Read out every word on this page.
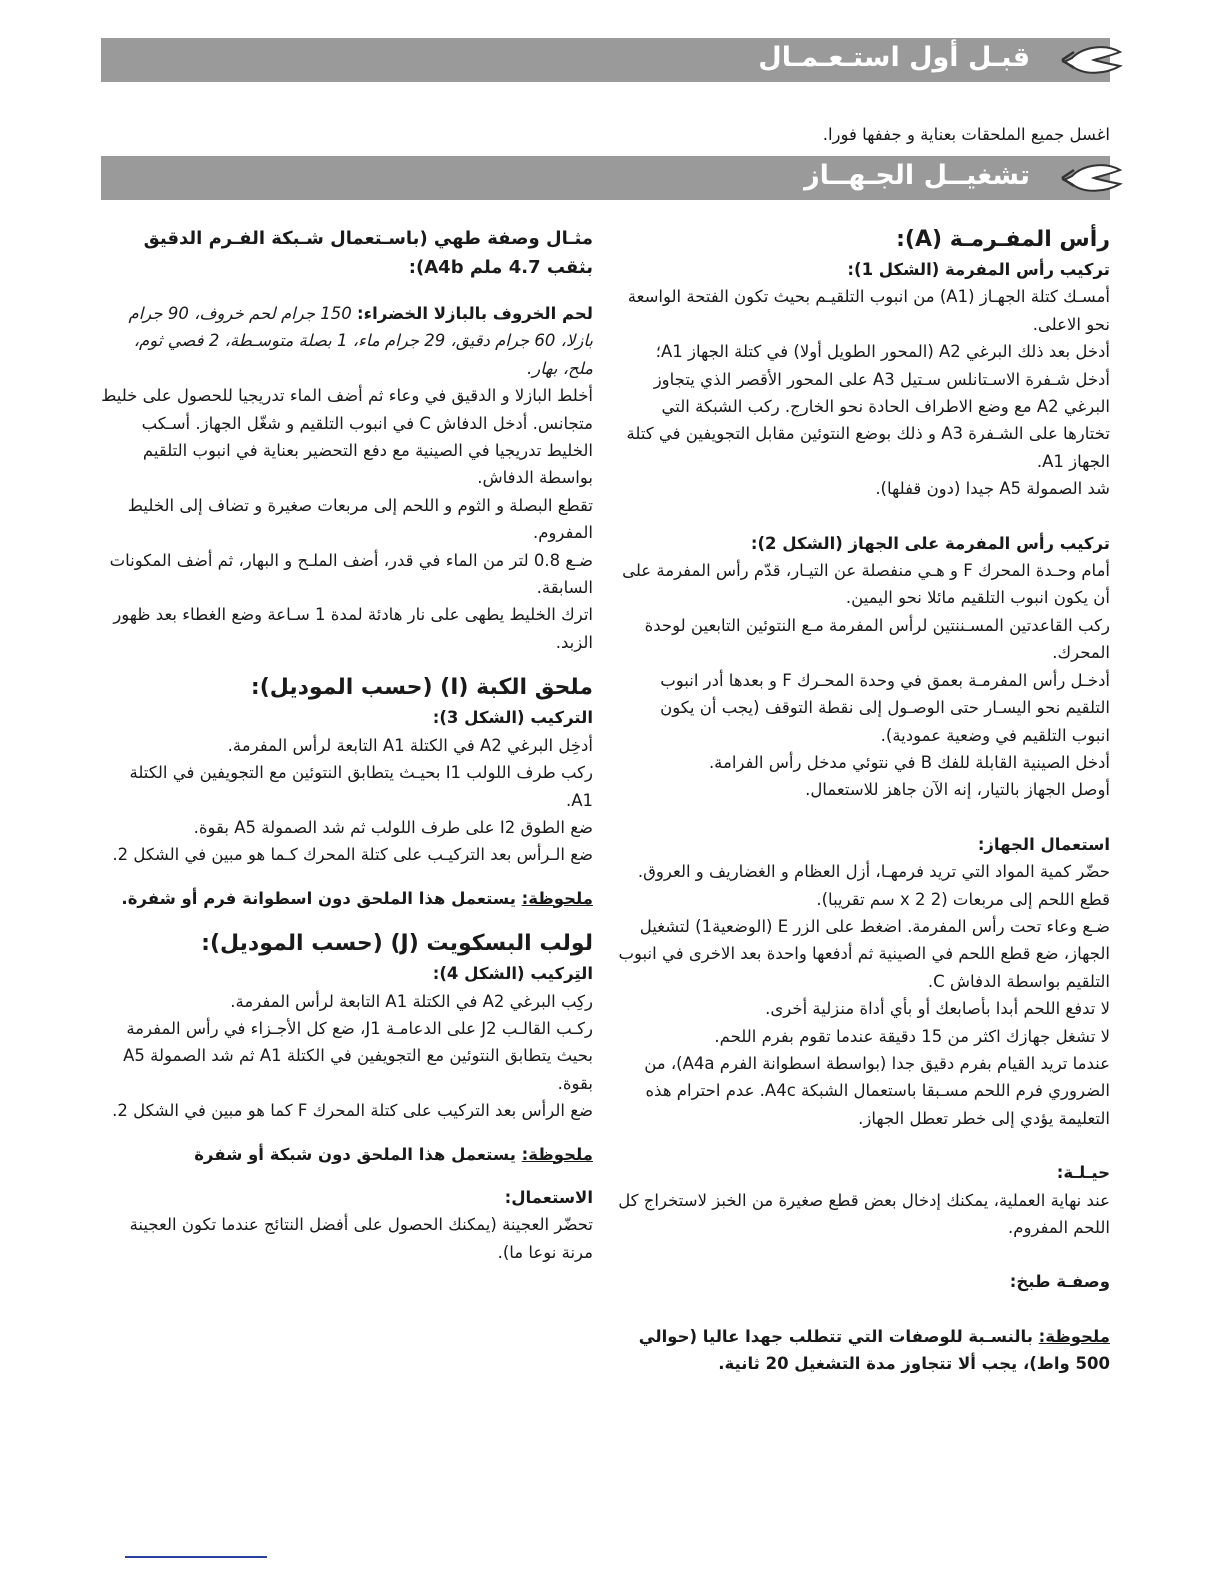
قبـل أول استـعـمـال

اغسل جميع الملحقات بعناية و جففها فورا.

تشغيــل الجـهــاز

رأس المفـرمـة (A):

تركيب رأس المفرمة (الشكل 1):

أمسـك كتلة الجهـاز (A1) من انبوب التلقيـم بحيث تكون الفتحة الواسعة نحو الاعلى.

أدخل بعد ذلك البرغي A2 (المحور الطويل أولا) في كتلة الجهاز A1؛

أدخل شـفرة الاسـتانلس سـتيل A3 على المحور الأقصر الذي يتجاوز البرغي A2 مع وضع الاطراف الحادة نحو الخارج. ركب الشبكة التي تختارها على الشـفرة A3 و ذلك بوضع النتوئين مقابل التجويفين في كتلة الجهاز A1.

شد الصمولة A5 جيدا (دون قفلها).

تركيب رأس المفرمة على الجهاز (الشكل 2):

أمام وحـدة المحرك F و هـي منفصلة عن التيـار، قدّم رأس المفرمة على أن يكون انبوب التلقيم مائلا نحو اليمين.

ركب القاعدتين المسـننتين لرأس المفرمة مـع النتوئين التابعين لوحدة المحرك.

أدخـل رأس المفرمـة بعمق في وحدة المحـرك F و بعدها أدر انبوب التلقيم نحو اليسـار حتى الوصـول إلى نقطة التوقف (يجب أن يكون انبوب التلقيم في وضعية عمودية).

أدخل الصينية القابلة للفك B في نتوئي مدخل رأس الفرامة.

أوصل الجهاز بالتيار، إنه الآن جاهز للاستعمال.

استعمال الجهاز:

حضّر كمية المواد التي تريد فرمهـا، أزل العظام و الغضاريف و العروق. قطع اللحم إلى مربعات (2 x 2 سم تقريبا).

ضـع وعاء تحت رأس المفرمة. اضغط على الزر E (الوضعية1) لتشغيل الجهاز، ضع قطع اللحم في الصينية ثم أدفعها واحدة بعد الاخرى في انبوب التلقيم بواسطة الدفاش C.

لا تدفع اللحم أبدا بأصابعك أو بأي أداة منزلية أخرى.

لا تشغل جهازك اكثر من 15 دقيقة عندما تقوم بفرم اللحم.

عندما تريد القيام بفرم دقيق جدا (بواسطة اسطوانة الفرم A4a)، من الضروري فرم اللحم مسـبقا باستعمال الشبكة A4c. عدم احترام هذه التعليمة يؤدي إلى خطر تعطل الجهاز.

حيـلـة:

عند نهاية العملية، يمكنك إدخال بعض قطع صغيرة من الخبز لاستخراج كل اللحم المفروم.

وصفـة طبخ:

ملحوظة: بالنسـبة للوصفات التي تتطلب جهدا عاليا (حوالي 500 واط)، يجب ألا تتجاوز مدة التشغيل 20 ثانية.

مثـال وصفة طهي (باسـتعمال شـبكة الفـرم الدقيق بثقب 4.7 ملم A4b):

لحم الخروف بالبازلا الخضراء: 150 جرام لحم خروف، 90 جرام بازلا، 60 جرام دقيق، 29 جرام ماء، 1 بصلة متوسـطة، 2 فصي ثوم، ملح، بهار.

أخلط البازلا و الدقيق في وعاء ثم أضف الماء تدريجيا للحصول على خليط متجانس. أدخل الدفاش C في انبوب التلقيم و شغّل الجهاز. أسـكب الخليط تدريجيا في الصينية مع دفع التحضير بعناية في انبوب التلقيم بواسطة الدفاش.

تقطع البصلة و الثوم و اللحم إلى مربعات صغيرة و تضاف إلى الخليط المفروم.

ضـع 0.8 لتر من الماء في قدر، أضف الملـح و البهار، ثم أضف المكونات السابقة.

اترك الخليط يطهى على نار هادئة لمدة 1 سـاعة وضع الغطاء بعد ظهور الزبد.

ملحق الكبة (I) (حسب الموديل):

التركيب (الشكل 3):

أدخِل البرغي A2 في الكتلة A1 التابعة لرأس المفرمة.

ركب طرف اللولب I1 بحيـث يتطابق النتوئين مع التجويفين في الكتلة A1.

ضع الطوق I2 على طرف اللولب ثم شد الصمولة A5 بقوة.

ضع الـرأس بعد التركيـب على كتلة المحرك كـما هو مبين في الشكل 2.

ملحوظة: يستعمل هذا الملحق دون اسطوانة فرم أو شفرة.

لولب البسكويت (J) (حسب الموديل):

التِركيب (الشكل 4):

ركِب البرغي A2 في الكتلة A1 التابعة لرأس المفرمة.

ركـب القالـب J2 على الدعامـة J1، ضع كل الأجـزاء في رأس المفرمة بحيث يتطابق النتوئين مع التجويفين في الكتلة A1 ثم شد الصمولة A5 بقوة.

ضع الرأس بعد التركيب على كتلة المحرك F كما هو مبين في الشكل 2.

ملحوظة: يستعمل هذا الملحق دون شبكة أو شفرة

الاستعمال:

تحضّر العجينة (يمكنك الحصول على أفضل النتائج عندما تكون العجينة مرنة نوعا ما).
